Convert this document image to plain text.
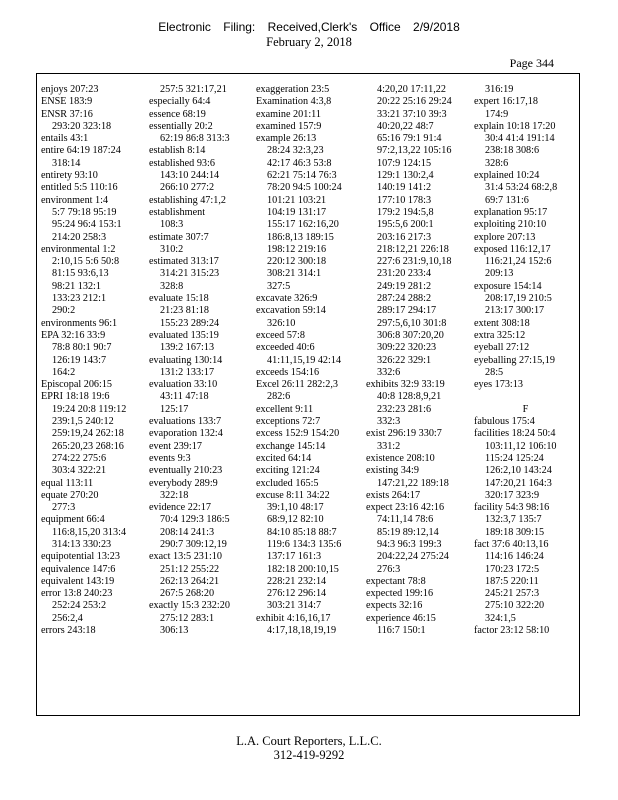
Electronic Filing: Received,Clerk's Office 2/9/2018
February 2, 2018
Page 344
enjoys 207:23
ENSE 183:9
ENSR 37:16
293:20 323:18
entails 43:1
entire 64:19 187:24
318:14
entirety 93:10
entitled 5:5 110:16
environment 1:4
5:7 79:18 95:19
95:24 96:4 153:1
214:20 258:3
environmental 1:2
2:10,15 5:6 50:8
81:15 93:6,13
98:21 132:1
133:23 212:1
290:2
environments 96:1
EPA 32:16 33:9
78:8 80:1 90:7
126:19 143:7
164:2
Episcopal 206:15
EPRI 18:18 19:6
19:24 20:8 119:12
239:1,5 240:12
259:19,24 262:18
265:20,23 268:16
274:22 275:6
303:4 322:21
equal 113:11
equate 270:20
277:3
equipment 66:4
116:8,15,20 313:4
314:13 330:23
equipotential 13:23
equivalence 147:6
equivalent 143:19
error 13:8 240:23
252:24 253:2
256:2,4
errors 243:18
257:5 321:17,21
especially 64:4
essence 68:19
essentially 20:2
62:19 86:8 313:3
establish 8:14
established 93:6
143:10 244:14
266:10 277:2
establishing 47:1,2
establishment
108:3
estimate 307:7
310:2
estimated 313:17
314:21 315:23
328:8
evaluate 15:18
21:23 81:18
155:23 289:24
evaluated 135:19
139:2 167:13
evaluating 130:14
131:2 133:17
evaluation 33:10
43:11 47:18
125:17
evaluations 133:7
evaporation 132:4
event 239:17
events 9:3
eventually 210:23
everybody 289:9
322:18
evidence 22:17
70:4 129:3 186:5
208:14 241:3
290:7 309:12,19
exact 13:5 231:10
251:12 255:22
262:13 264:21
267:5 268:20
exactly 15:3 232:20
275:12 283:1
306:13
exaggeration 23:5
Examination 4:3,8
examine 201:11
examined 157:9
example 26:13
28:24 32:3,23
42:17 46:3 53:8
62:21 75:14 76:3
78:20 94:5 100:24
101:21 103:21
104:19 131:17
155:17 162:16,20
186:8,13 189:15
198:12 219:16
220:12 300:18
308:21 314:1
327:5
excavate 326:9
excavation 59:14
326:10
exceed 57:8
exceeded 40:6
41:11,15,19 42:14
exceeds 154:16
Excel 26:11 282:2,3
282:6
excellent 9:11
exceptions 72:7
excess 152:9 154:20
exchange 145:14
excited 64:14
exciting 121:24
excluded 165:5
excuse 8:11 34:22
39:1,10 48:17
68:9,12 82:10
84:10 85:18 88:7
119:6 134:3 135:6
137:17 161:3
182:18 200:10,15
228:21 232:14
276:12 296:14
303:21 314:7
exhibit 4:16,16,17
4:17,18,18,19,19
4:20,20 17:11,22
20:22 25:16 29:24
33:21 37:10 39:3
40:20,22 48:7
65:16 79:1 91:4
97:2,13,22 105:16
107:9 124:15
129:1 130:2,4
140:19 141:2
177:10 178:3
179:2 194:5,8
195:5,6 200:1
203:16 217:3
218:12,21 226:18
227:6 231:9,10,18
231:20 233:4
249:19 281:2
287:24 288:2
289:17 294:17
297:5,6,10 301:8
306:8 307:20,20
309:22 320:23
326:22 329:1
332:6
exhibits 32:9 33:19
40:8 128:8,9,21
232:23 281:6
332:3
exist 296:19 330:7
331:2
existence 208:10
existing 34:9
147:21,22 189:18
exists 264:17
expect 23:16 42:16
74:11,14 78:6
85:19 89:12,14
94:3 96:3 199:3
204:22,24 275:24
276:3
expectant 78:8
expected 199:16
expects 32:16
experience 46:15
116:7 150:1
316:19
expert 16:17,18
174:9
explain 10:18 17:20
30:4 41:4 191:14
238:18 308:6
328:6
explained 10:24
31:4 53:24 68:2,8
69:7 131:6
explanation 95:17
exploiting 210:10
explore 207:13
exposed 116:12,17
116:21,24 152:6
209:13
exposure 154:14
208:17,19 210:5
213:17 300:17
extent 308:18
extra 325:12
eyeball 27:12
eyeballing 27:15,19
28:5
eyes 173:13
F
fabulous 175:4
facilities 18:24 50:4
103:11,12 106:10
115:24 125:24
126:2,10 143:24
147:20,21 164:3
320:17 323:9
facility 54:3 98:16
132:3,7 135:7
189:18 309:15
fact 37:6 40:13,16
114:16 146:24
170:23 172:5
187:5 220:11
245:21 257:3
275:10 322:20
324:1,5
factor 23:12 58:10
L.A. Court Reporters, L.L.C.
312-419-9292
